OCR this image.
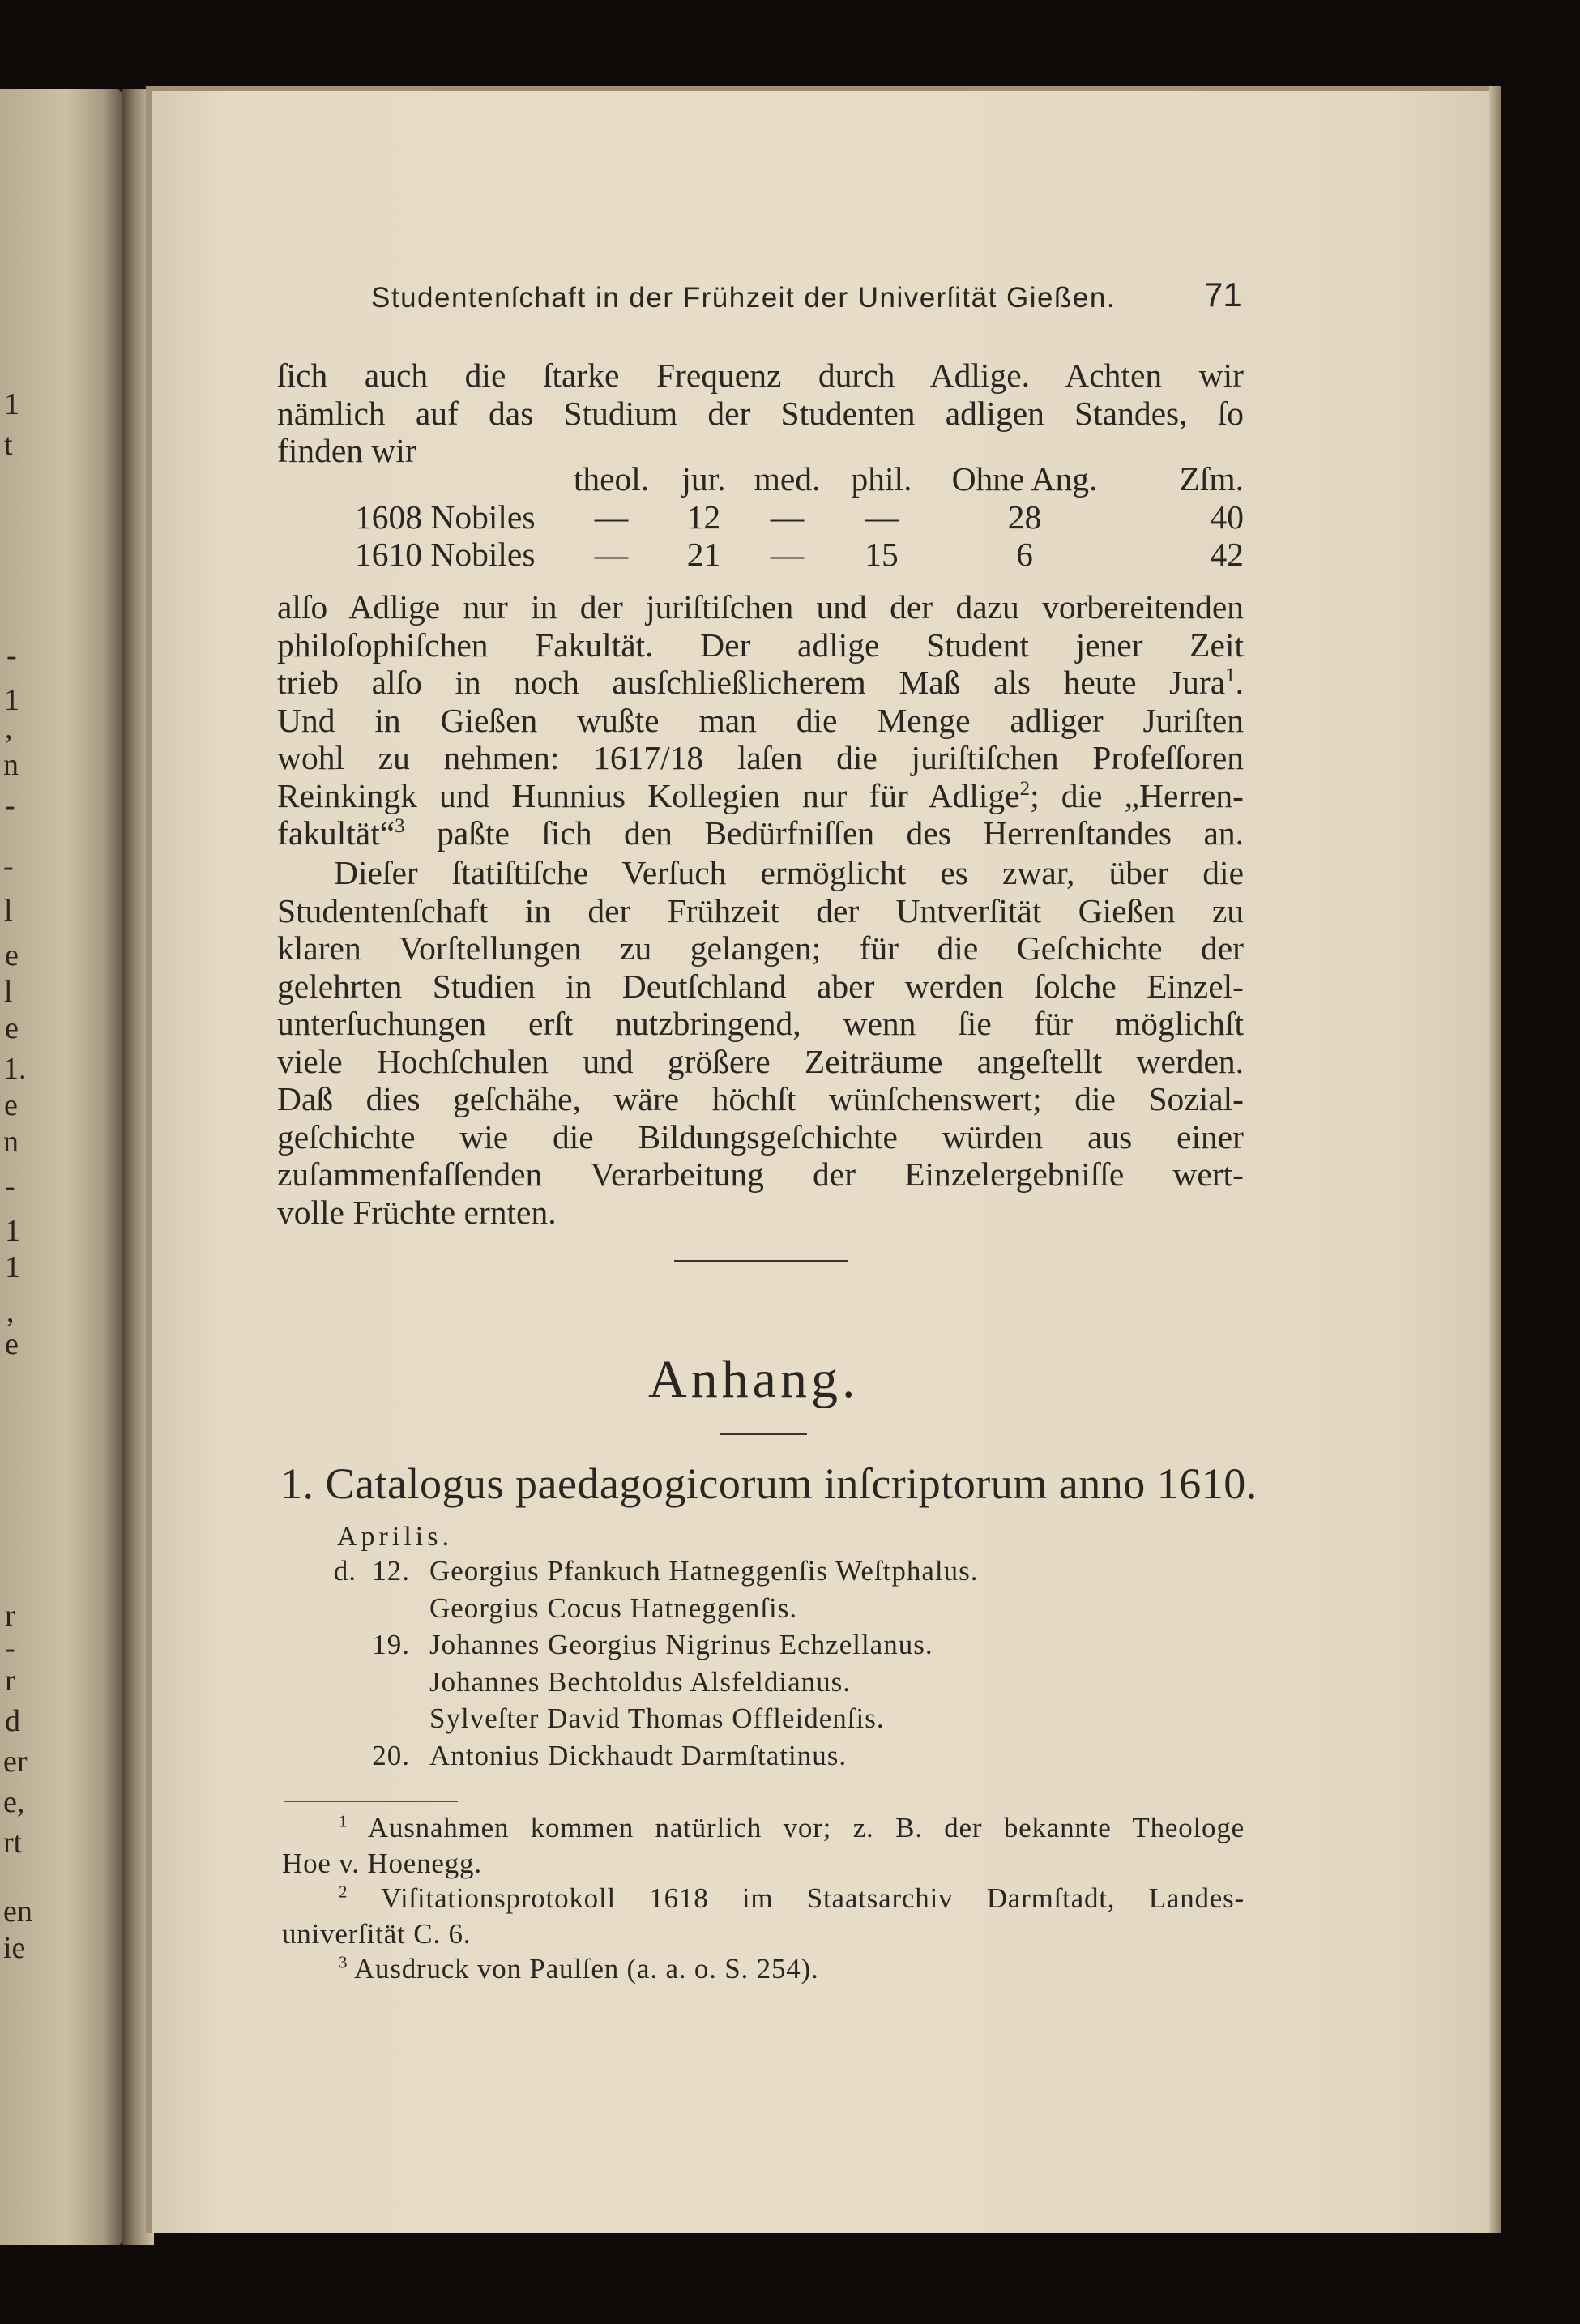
1
t
-
1
,
n
-
-
l
e
l
e
1.
e
n
-
1
1
,
e
r
-
r
d
er
e,
rt
en
ie
Studentenſchaft in der Frühzeit der Univerſität Gießen.	71
ſich auch die ſtarke Frequenz durch Adlige. Achten wir
nämlich auf das Studium der Studenten adligen Standes, ſo
finden wir
	theol.	jur.	med.	phil.	Ohne Ang.	Zſm.
1608 Nobiles	—	12	—	—	28	40
1610 Nobiles	—	21	—	15	6	42
alſo Adlige nur in der juriſtiſchen und der dazu vorbereitenden
philoſophiſchen Fakultät. Der adlige Student jener Zeit
trieb alſo in noch ausſchließlicherem Maß als heute Jura$^1$.
Und in Gießen wußte man die Menge adliger Juriſten
wohl zu nehmen: 1617/18 laſen die juriſtiſchen Profeſſoren
Reinkingk und Hunnius Kollegien nur für Adlige$^2$; die „Herren-
fakultät“$^3$ paßte ſich den Bedürfniſſen des Herrenſtandes an.
Dieſer ſtatiſtiſche Verſuch ermöglicht es zwar, über die
Studentenſchaft in der Frühzeit der Untverſität Gießen zu
klaren Vorſtellungen zu gelangen; für die Geſchichte der
gelehrten Studien in Deutſchland aber werden ſolche Einzel-
unterſuchungen erſt nutzbringend, wenn ſie für möglichſt
viele Hochſchulen und größere Zeiträume angeſtellt werden.
Daß dies geſchähe, wäre höchſt wünſchenswert; die Sozial-
geſchichte wie die Bildungsgeſchichte würden aus einer
zuſammenfaſſenden Verarbeitung der Einzelergebniſſe wert-
volle Früchte ernten.
Anhang.
1. Catalogus paedagogicorum inſcriptorum anno 1610.
Aprilis.
d. 12. Georgius Pfankuch Hatneggenſis Weſtphalus.
Georgius Cocus Hatneggenſis.
19. Johannes Georgius Nigrinus Echzellanus.
Johannes Bechtoldus Alsfeldianus.
Sylveſter David Thomas Offleidenſis.
20. Antonius Dickhaudt Darmſtatinus.
$^1$ Ausnahmen kommen natürlich vor; z. B. der bekannte Theologe
Hoe v. Hoenegg.
$^2$ Viſitationsprotokoll 1618 im Staatsarchiv Darmſtadt, Landes-
univerſität C. 6.
$^3$ Ausdruck von Paulſen (a. a. o. S. 254).
